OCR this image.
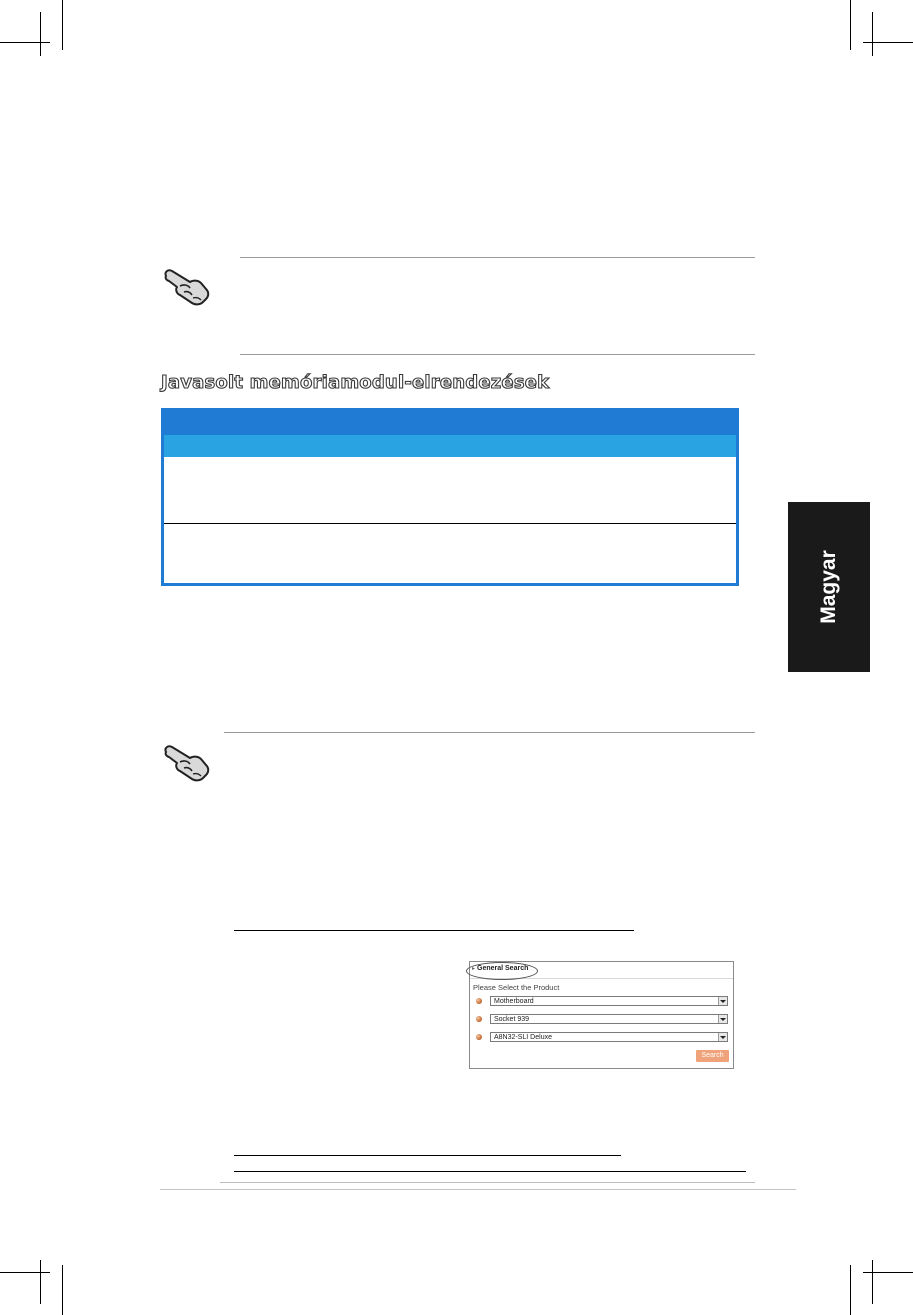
Javasolt memóriamodul-elrendezések
Magyar
▸ General Search
Please Select the Product
Motherboard
Socket 939
A8N32-SLI Deluxe
Search
